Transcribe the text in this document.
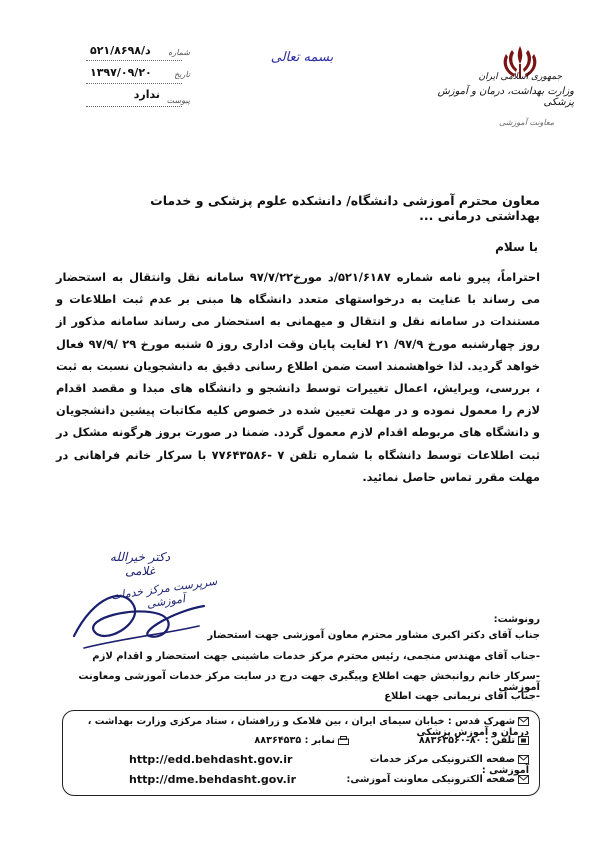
جمهوری اسلامی ایران
وزارت بهداشت، درمان و آموزش پزشکی
معاونت آموزشی
بسمه تعالی
د/۵۲۱/۸۶۹۸	شماره
۱۳۹۷/۰۹/۲۰	تاریخ
ندارد پیوست
معاون محترم آموزشی دانشگاه/ دانشکده علوم پزشکی و خدمات بهداشتی درمانی ...
با سلام
احتراماً، پیرو نامه شماره ۵۲۱/۶۱۸۷/د مورخ۹۷/۷/۲۲ سامانه نقل وانتقال به استحضار می رساند با عنایت به درخواستهای متعدد دانشگاه ها مبنی بر عدم ثبت اطلاعات و مستندات در سامانه نقل و انتقال و میهمانی به استحضار می رساند سامانه مذکور از روز چهارشنبه مورخ ۹۷/۹/ ۲۱ لغایت پایان وقت اداری روز ۵ شنبه مورخ ۲۹ /۹۷/۹ فعال خواهد گردید. لذا خواهشمند است ضمن اطلاع رسانی دقیق به دانشجویان نسبت به ثبت ، بررسی، ویرایش، اعمال تغییرات توسط دانشجو و دانشگاه های مبدا و مقصد اقدام لازم را معمول نموده و در مهلت تعیین شده در خصوص کلیه مکاتبات پیشین دانشجویان و دانشگاه های مربوطه اقدام لازم معمول گردد. ضمنا در صورت بروز هرگونه مشکل در ثبت اطلاعات توسط دانشگاه با شماره تلفن ۷ -۷۷۶۴۳۵۸۶ با سرکار خانم فراهانی در مهلت مقرر تماس حاصل نمائید.
دکتر خیرالله غلامی
سرپرست مرکز خدمات آموزشی
رونوشت:
جناب آقای دکتر اکبری مشاور محترم معاون آموزشی جهت استحضار
-جناب آقای مهندس منجمی، رئیس محترم مرکز خدمات ماشینی جهت استحضار و اقدام لازم
-سرکار خانم روانبخش جهت اطلاع وپیگیری جهت درج در سایت مرکز خدمات آموزشی ومعاونت آموزشی
-جناب آقای نریمانی جهت اطلاع
شهرک قدس : خیابان سیمای ایران ، بین فلامک و زرافشان ، ستاد مرکزی وزارت بهداشت ، درمان و آموزش پزشکی
تلفن : ۸۰-۸۸۳۶۳۵۶۰
نمابر : ۸۸۳۶۴۵۳۵
صفحه الکترونیکی مرکز خدمات آموزشی :
http://edd.behdasht.gov.ir
صفحه الکترونیکی معاونت آموزشی:
http://dme.behdasht.gov.ir
